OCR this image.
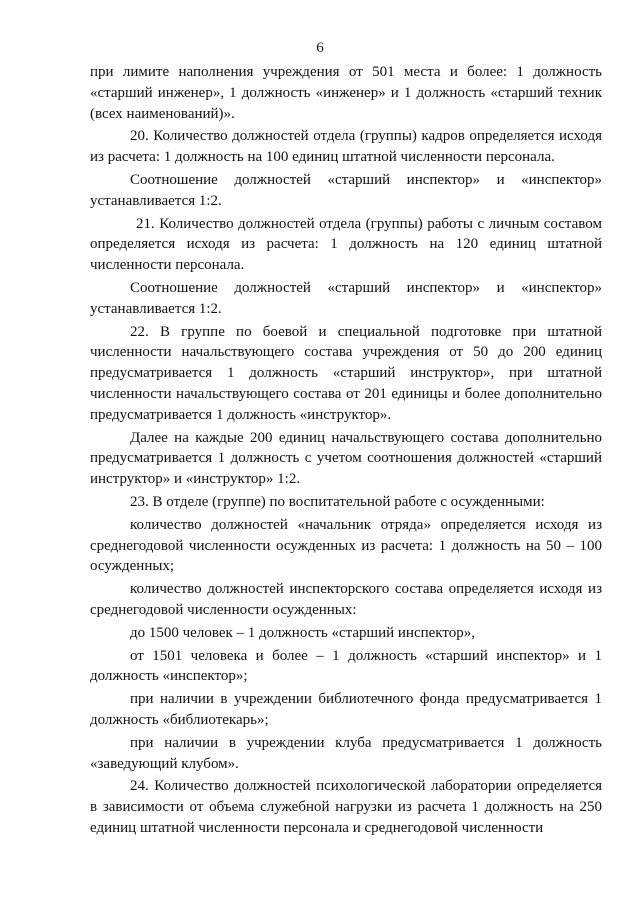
6

при лимите наполнения учреждения от 501 места и более: 1 должность «старший инженер», 1 должность «инженер» и 1 должность «старший техник (всех наименований)».

20. Количество должностей отдела (группы) кадров определяется исходя из расчета: 1 должность на 100 единиц штатной численности персонала.

Соотношение должностей «старший инспектор» и «инспектор» устанавливается 1:2.

21. Количество должностей отдела (группы) работы с личным составом определяется исходя из расчета: 1 должность на 120 единиц штатной численности персонала.

Соотношение должностей «старший инспектор» и «инспектор» устанавливается 1:2.

22. В группе по боевой и специальной подготовке при штатной численности начальствующего состава учреждения от 50 до 200 единиц предусматривается 1 должность «старший инструктор», при штатной численности начальствующего состава от 201 единицы и более дополнительно предусматривается 1 должность «инструктор».

Далее на каждые 200 единиц начальствующего состава дополнительно предусматривается 1 должность с учетом соотношения должностей «старший инструктор» и «инструктор» 1:2.

23. В отделе (группе) по воспитательной работе с осужденными:

количество должностей «начальник отряда» определяется исходя из среднегодовой численности осужденных из расчета: 1 должность на 50 – 100 осужденных;

количество должностей инспекторского состава определяется исходя из среднегодовой численности осужденных:

до 1500 человек – 1 должность «старший инспектор»,

от 1501 человека и более – 1 должность «старший инспектор» и 1 должность «инспектор»;

при наличии в учреждении библиотечного фонда предусматривается 1 должность «библиотекарь»;

при наличии в учреждении клуба предусматривается 1 должность «заведующий клубом».

24. Количество должностей психологической лаборатории определяется в зависимости от объема служебной нагрузки из расчета 1 должность на 250 единиц штатной численности персонала и среднегодовой численности
